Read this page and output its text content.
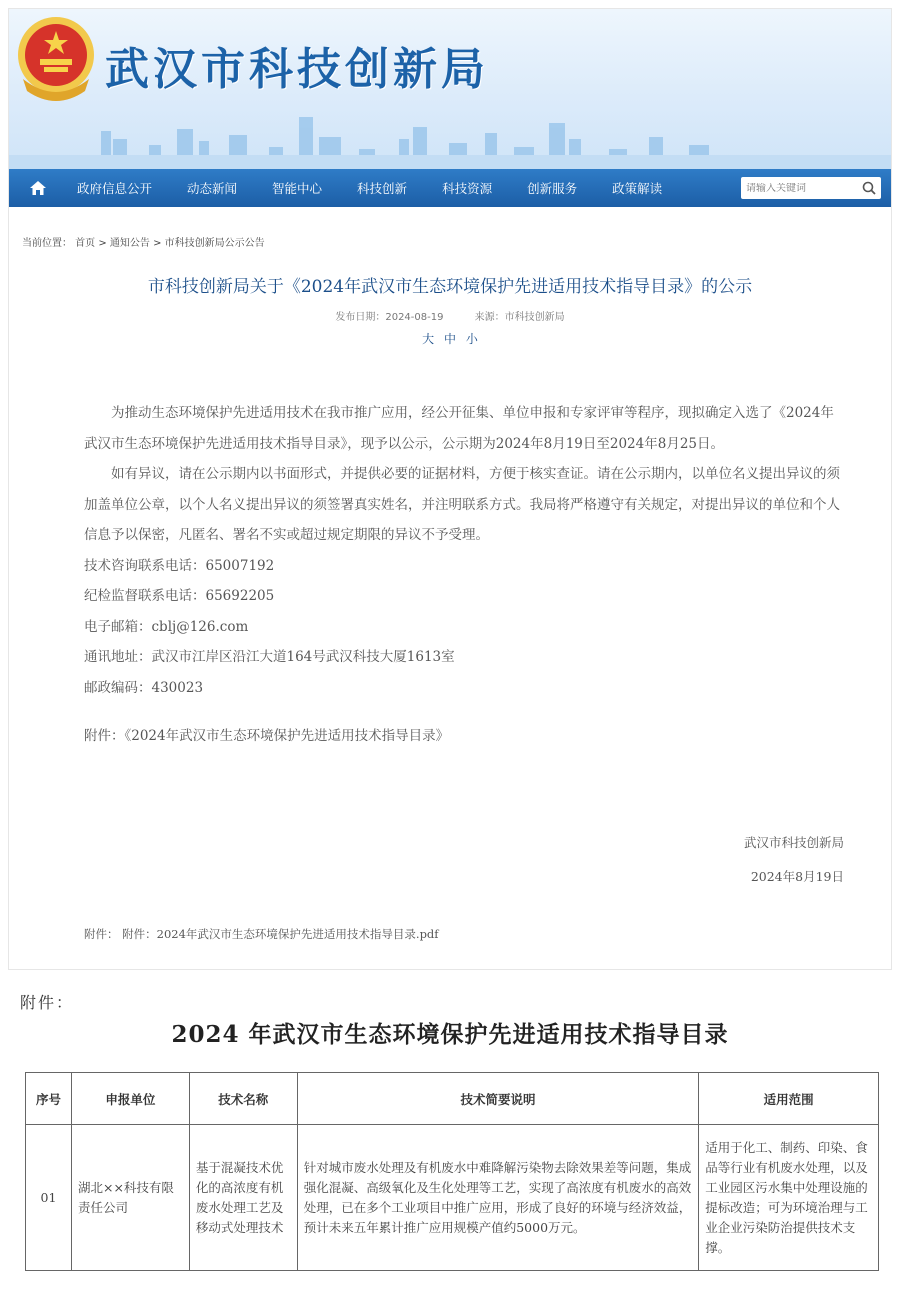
武汉市科技创新局
政府信息公开	动态新闻	智能中心	科技创新	科技资源	创新服务	政策解读
请输入关键词
当前位置： 首页 > 通知公告 > 市科技创新局公示公告
市科技创新局关于《2024年武汉市生态环境保护先进适用技术指导目录》的公示
发布日期：2024-08-19	来源：市科技创新局
大 中 小

为推动生态环境保护先进适用技术在我市推广应用，经公开征集、单位申报和专家评审等程序，现拟确定入选了《2024年武汉市生态环境保护先进适用技术指导目录》，现予以公示，公示期为2024年8月19日至2024年8月25日。

如有异议，请在公示期内以书面形式，并提供必要的证据材料，方便于核实查证。请在公示期内，以单位名义提出异议的须加盖单位公章，以个人名义提出异议的须签署真实姓名，并注明联系方式。我局将严格遵守有关规定，对提出异议的单位和个人信息予以保密，凡匿名、署名不实或超过规定期限的异议不予受理。

技术咨询联系电话：65007192

纪检监督联系电话：65692205

电子邮箱：cblj@126.com

通讯地址：武汉市江岸区沿江大道164号武汉科技大厦1613室

邮政编码：430023

附件：《2024年武汉市生态环境保护先进适用技术指导目录》

武汉市科技创新局
2024年8月19日
附件： 附件：2024年武汉市生态环境保护先进适用技术指导目录.pdf
附件：
2024 年武汉市生态环境保护先进适用技术指导目录
序号	申报单位	技术名称	技术简要说明	适用范围
01	湖北××科技有限责任公司	基于混凝技术优化的高浓度有机废水处理工艺及移动式处理技术	针对城市废水处理及有机废水中难降解污染物去除效果差等问题，集成强化混凝、高级氧化及生化处理等工艺，实现了高浓度有机废水的高效处理，已在多个工业项目中推广应用，形成了良好的环境与经济效益，预计未来五年累计推广应用规模产值约5000万元。	适用于化工、制药、印染、食品等行业有机废水处理，以及工业园区污水集中处理设施的提标改造；可为环境治理与工业企业污染防治提供技术支撑。
